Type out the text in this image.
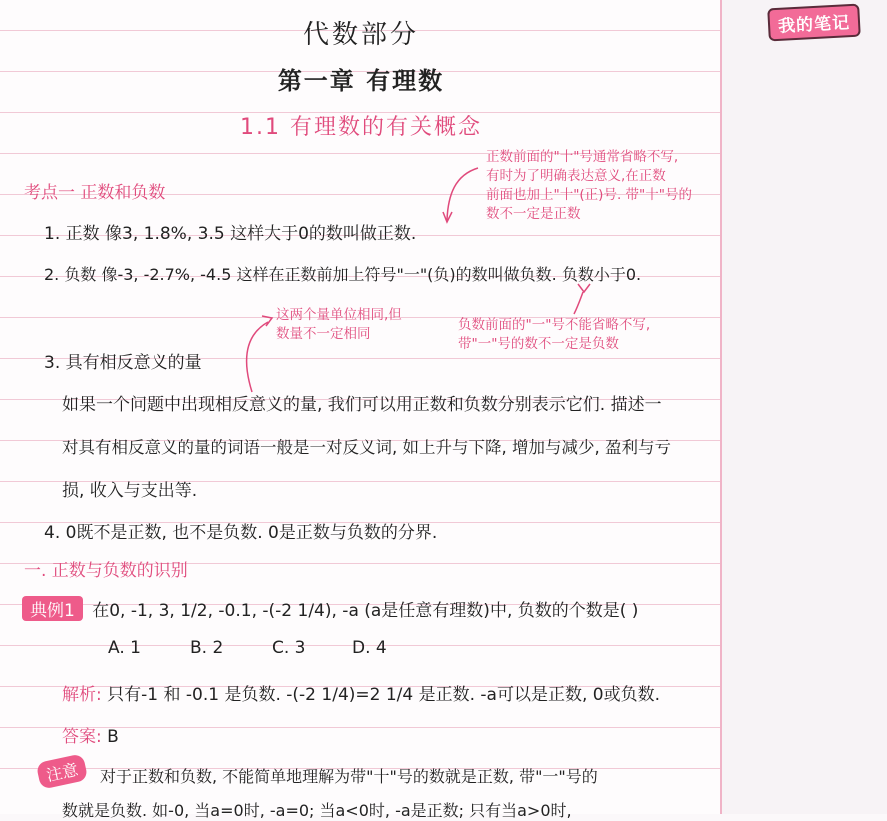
我的笔记
代数部分
第一章 有理数
1.1 有理数的有关概念
正数前面的"十"号通常省略不写,
有时为了明确表达意义,在正数
前面也加上"十"(正)号. 带"十"号的
数不一定是正数
考点一 正数和负数
1. 正数 像3, 1.8%, 3.5 这样大于0的数叫做正数.
2. 负数 像-3, -2.7%, -4.5 这样在正数前加上符号"一"(负)的数叫做负数. 负数小于0.
这两个量单位相同,但
数量不一定相同
负数前面的"一"号不能省略不写,
带"一"号的数不一定是负数
3. 具有相反意义的量
如果一个问题中出现相反意义的量, 我们可以用正数和负数分别表示它们. 描述一
对具有相反意义的量的词语一般是一对反义词, 如上升与下降, 增加与减少, 盈利与亏
损, 收入与支出等.
4. 0既不是正数, 也不是负数. 0是正数与负数的分界.
一. 正数与负数的识别
典例1 在0, -1, 3, 1/2, -0.1, -(-2 1/4), -a (a是任意有理数)中, 负数的个数是( )
A. 1	B. 2	C. 3	D. 4
解析: 只有-1 和 -0.1 是负数. -(-2 1/4)=2 1/4 是正数. -a可以是正数, 0或负数.
答案: B
注意	对于正数和负数, 不能简单地理解为带"十"号的数就是正数, 带"一"号的
数就是负数. 如-0, 当a=0时, -a=0; 当a<0时, -a是正数; 只有当a>0时,
